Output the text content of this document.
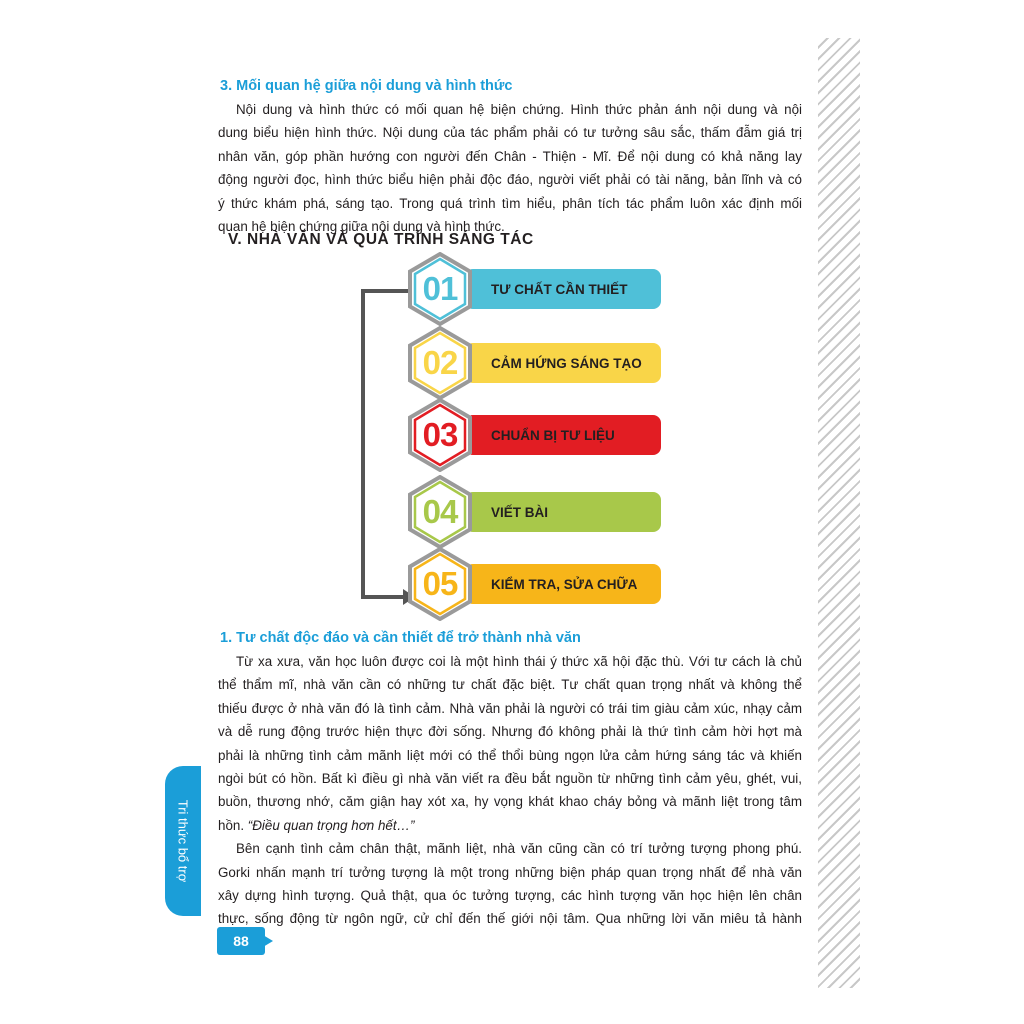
3. Mối quan hệ giữa nội dung và hình thức
Nội dung và hình thức có mối quan hệ biện chứng. Hình thức phản ánh nội dung và nội
dung biểu hiện hình thức. Nội dung của tác phẩm phải có tư tưởng sâu sắc, thấm đẫm giá trị
nhân văn, góp phần hướng con người đến Chân - Thiện - Mĩ. Để nội dung có khả năng lay
động người đọc, hình thức biểu hiện phải độc đáo, người viết phải có tài năng, bản lĩnh và có
ý thức khám phá, sáng tạo. Trong quá trình tìm hiểu, phân tích tác phẩm luôn xác định mối
quan hệ biện chứng giữa nội dung và hình thức.
V. NHÀ VĂN VÀ QUÁ TRÌNH SÁNG TÁC
TƯ CHẤT CẦN THIẾT
CẢM HỨNG SÁNG TẠO
CHUẨN BỊ TƯ LIỆU
VIẾT BÀI
KIỂM TRA, SỬA CHỮA
01
02
03
04
05
1. Tư chất độc đáo và cần thiết để trở thành nhà văn
Từ xa xưa, văn học luôn được coi là một hình thái ý thức xã hội đặc thù. Với tư cách là chủ
thể thẩm mĩ, nhà văn cần có những tư chất đặc biệt. Tư chất quan trọng nhất và không thể
thiếu được ở nhà văn đó là tình cảm. Nhà văn phải là người có trái tim giàu cảm xúc, nhạy cảm
và dễ rung động trước hiện thực đời sống. Nhưng đó không phải là thứ tình cảm hời hợt mà
phải là những tình cảm mãnh liệt mới có thể thổi bùng ngọn lửa cảm hứng sáng tác và khiến
ngòi bút có hồn. Bất kì điều gì nhà văn viết ra đều bắt nguồn từ những tình cảm yêu, ghét, vui,
buồn, thương nhớ, căm giận hay xót xa, hy vọng khát khao cháy bỏng và mãnh liệt trong tâm
hồn. “Điều quan trọng hơn hết…”
Bên cạnh tình cảm chân thật, mãnh liệt, nhà văn cũng cần có trí tưởng tượng phong phú.
Gorki nhấn mạnh trí tưởng tượng là một trong những biện pháp quan trọng nhất để nhà văn
xây dựng hình tượng. Quả thật, qua óc tưởng tượng, các hình tượng văn học hiện lên chân
thực, sống động từ ngôn ngữ, cử chỉ đến thế giới nội tâm. Qua những lời văn miêu tả hành
Tri thức bổ trợ
88
